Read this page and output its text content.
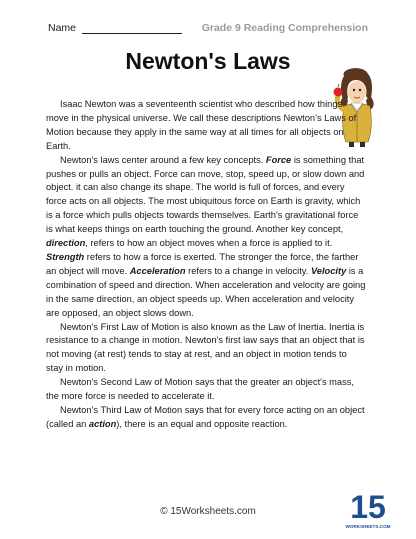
Name	Grade 9 Reading Comprehension
Newton's Laws

Isaac Newton was a seventeenth scientist who described how things move in the physical universe. We call these descriptions Newton’s Laws of Motion because they apply in the same way at all times for all objects on Earth.

Newton's laws center around a few key concepts. Force is something that pushes or pulls an object. Force can move, stop, speed up, or slow down and object. it can also change its shape. The world is full of forces, and every force acts on all objects. The most ubiquitous force on Earth is gravity, which is a force which pulls objects towards themselves. Earth's gravitational force is what keeps things on earth touching the ground. Another key concept, direction, refers to how an object moves when a force is applied to it. Strength refers to how a force is exerted. The stronger the force, the farther an object will move. Acceleration refers to a change in velocity. Velocity is a combination of speed and direction. When acceleration and velocity are going in the same direction, an object speeds up. When acceleration and velocity are opposed, an object slows down.

Newton’s First Law of Motion is also known as the Law of Inertia. Inertia is resistance to a change in motion. Newton's first law says that an object that is not moving (at rest) tends to stay at rest, and an object in motion tends to stay in motion.

Newton's Second Law of Motion says that the greater an object's mass, the more force is needed to accelerate it.

Newton’s Third Law of Motion says that for every force acting on an object (called an action), there is an equal and opposite reaction.

© 15Worksheets.com	15
WORKSHEETS.COM
